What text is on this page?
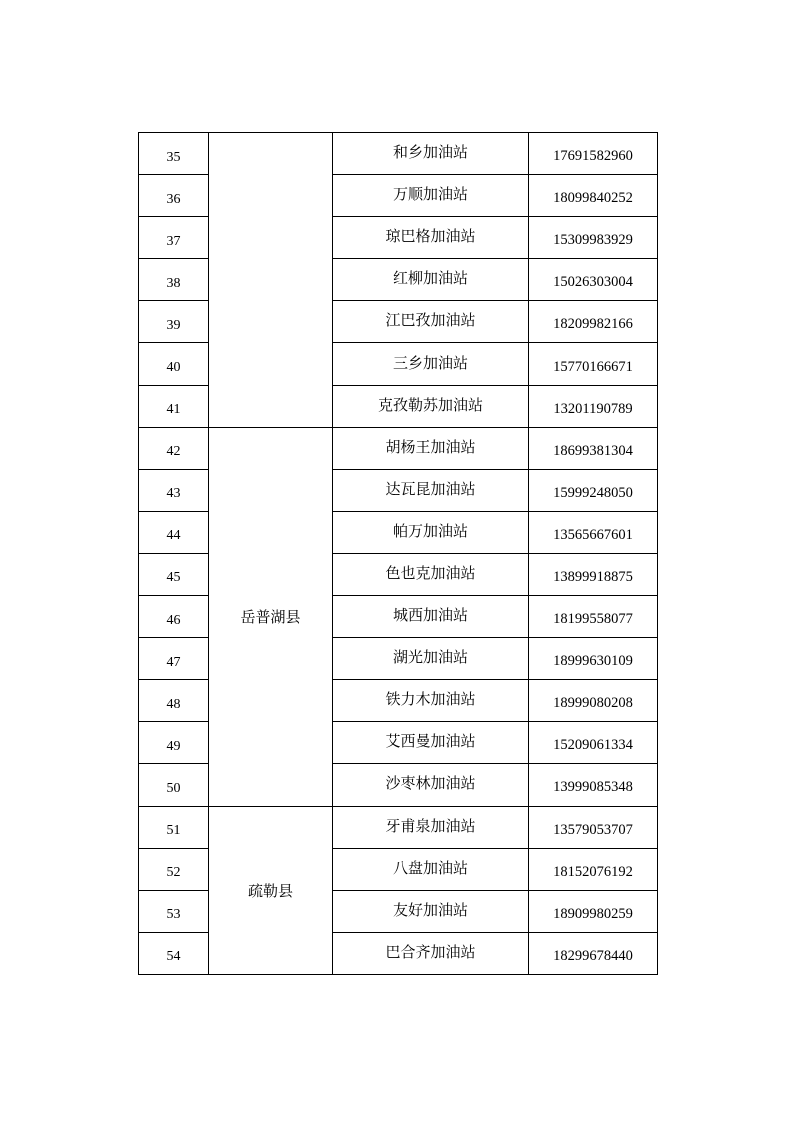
35		和乡加油站	17691582960
36		万顺加油站	18099840252
37		琼巴格加油站	15309983929
38		红柳加油站	15026303004
39		江巴孜加油站	18209982166
40		三乡加油站	15770166671
41		克孜勒苏加油站	13201190789
42	岳普湖县	胡杨王加油站	18699381304
43		达瓦昆加油站	15999248050
44		帕万加油站	13565667601
45		色也克加油站	13899918875
46		城西加油站	18199558077
47		湖光加油站	18999630109
48		铁力木加油站	18999080208
49		艾西曼加油站	15209061334
50		沙枣林加油站	13999085348
51	疏勒县	牙甫泉加油站	13579053707
52		八盘加油站	18152076192
53		友好加油站	18909980259
54		巴合齐加油站	18299678440
